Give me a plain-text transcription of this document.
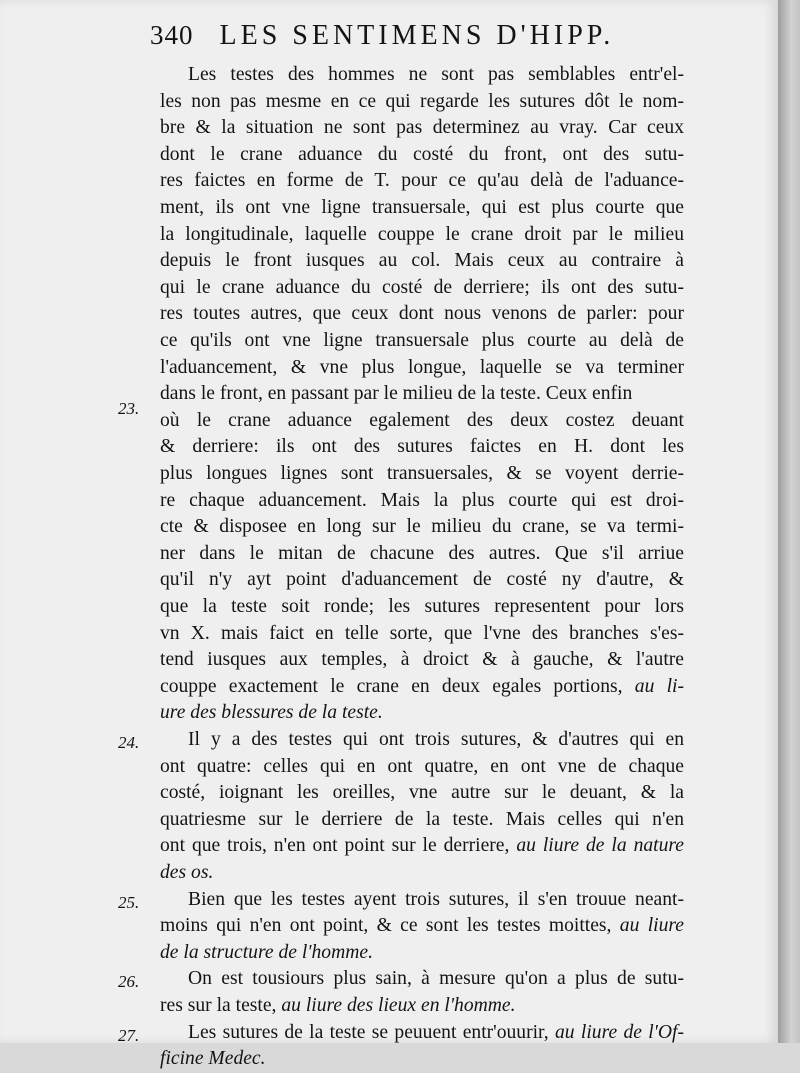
340 LES SENTIMENS D'HIPP.
Les testes des hommes ne sont pas semblables entr'el-
les non pas mesme en ce qui regarde les sutures dôt le nom-
bre & la situation ne sont pas determinez au vray. Car ceux
dont le crane aduance du costé du front, ont des sutu-
res faictes en forme de T. pour ce qu'au delà de l'aduance-
ment, ils ont vne ligne transuersale, qui est plus courte que
la longitudinale, laquelle couppe le crane droit par le milieu
depuis le front iusques au col. Mais ceux au contraire à
qui le crane aduance du costé de derriere; ils ont des sutu-
res toutes autres, que ceux dont nous venons de parler: pour
ce qu'ils ont vne ligne transuersale plus courte au delà de
l'aduancement, & vne plus longue, laquelle se va terminer
dans le front, en passant par le milieu de la teste. Ceux enfin
23.
où le crane aduance egalement des deux costez deuant
& derriere: ils ont des sutures faictes en H. dont les
plus longues lignes sont transuersales, & se voyent derrie-
re chaque aduancement. Mais la plus courte qui est droi-
cte & disposee en long sur le milieu du crane, se va termi-
ner dans le mitan de chacune des autres. Que s'il arriue
qu'il n'y ayt point d'aduancement de costé ny d'autre, &
que la teste soit ronde; les sutures representent pour lors
vn X. mais faict en telle sorte, que l'vne des branches s'es-
tend iusques aux temples, à droict & à gauche, & l'autre
couppe exactement le crane en deux egales portions, au li-
ure des blessures de la teste.
24. Il y a des testes qui ont trois sutures, & d'autres qui en
ont quatre: celles qui en ont quatre, en ont vne de chaque
costé, ioignant les oreilles, vne autre sur le deuant, & la
quatriesme sur le derriere de la teste. Mais celles qui n'en
ont que trois, n'en ont point sur le derriere, au liure de la nature
des os.
25. Bien que les testes ayent trois sutures, il s'en trouue neant-
moins qui n'en ont point, & ce sont les testes moittes, au liure
de la structure de l'homme.
26. On est tousiours plus sain, à mesure qu'on a plus de sutu-
res sur la teste, au liure des lieux en l'homme.
27. Les sutures de la teste se peuuent entr'ouurir, au liure de l'Of-
ficine Medec.
